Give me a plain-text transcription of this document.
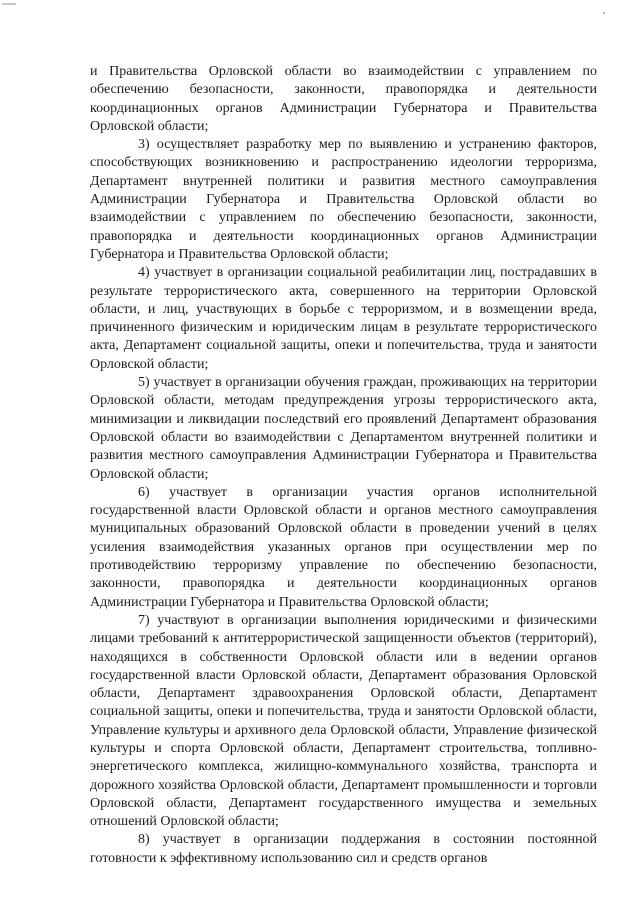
и Правительства Орловской области во взаимодействии с управлением по обеспечению безопасности, законности, правопорядка и деятельности координационных органов Администрации Губернатора и Правительства Орловской области;

3) осуществляет разработку мер по выявлению и устранению факторов, способствующих возникновению и распространению идеологии терроризма, Департамент внутренней политики и развития местного самоуправления Администрации Губернатора и Правительства Орловской области во взаимодействии с управлением по обеспечению безопасности, законности, правопорядка и деятельности координационных органов Администрации Губернатора и Правительства Орловской области;

4) участвует в организации социальной реабилитации лиц, пострадавших в результате террористического акта, совершенного на территории Орловской области, и лиц, участвующих в борьбе с терроризмом, и в возмещении вреда, причиненного физическим и юридическим лицам в результате террористического акта, Департамент социальной защиты, опеки и попечительства, труда и занятости Орловской области;

5) участвует в организации обучения граждан, проживающих на территории Орловской области, методам предупреждения угрозы террористического акта, минимизации и ликвидации последствий его проявлений Департамент образования Орловской области во взаимодействии с Департаментом внутренней политики и развития местного самоуправления Администрации Губернатора и Правительства Орловской области;

6) участвует в организации участия органов исполнительной государственной власти Орловской области и органов местного самоуправления муниципальных образований Орловской области в проведении учений в целях усиления взаимодействия указанных органов при осуществлении мер по противодействию терроризму управление по обеспечению безопасности, законности, правопорядка и деятельности координационных органов Администрации Губернатора и Правительства Орловской области;

7) участвуют в организации выполнения юридическими и физическими лицами требований к антитеррористической защищенности объектов (территорий), находящихся в собственности Орловской области или в ведении органов государственной власти Орловской области, Департамент образования Орловской области, Департамент здравоохранения Орловской области, Департамент социальной защиты, опеки и попечительства, труда и занятости Орловской области, Управление культуры и архивного дела Орловской области, Управление физической культуры и спорта Орловской области, Департамент строительства, топливно-энергетического комплекса, жилищно-коммунального хозяйства, транспорта и дорожного хозяйства Орловской области, Департамент промышленности и торговли Орловской области, Департамент государственного имущества и земельных отношений Орловской области;

8) участвует в организации поддержания в состоянии постоянной готовности к эффективному использованию сил и средств органов
